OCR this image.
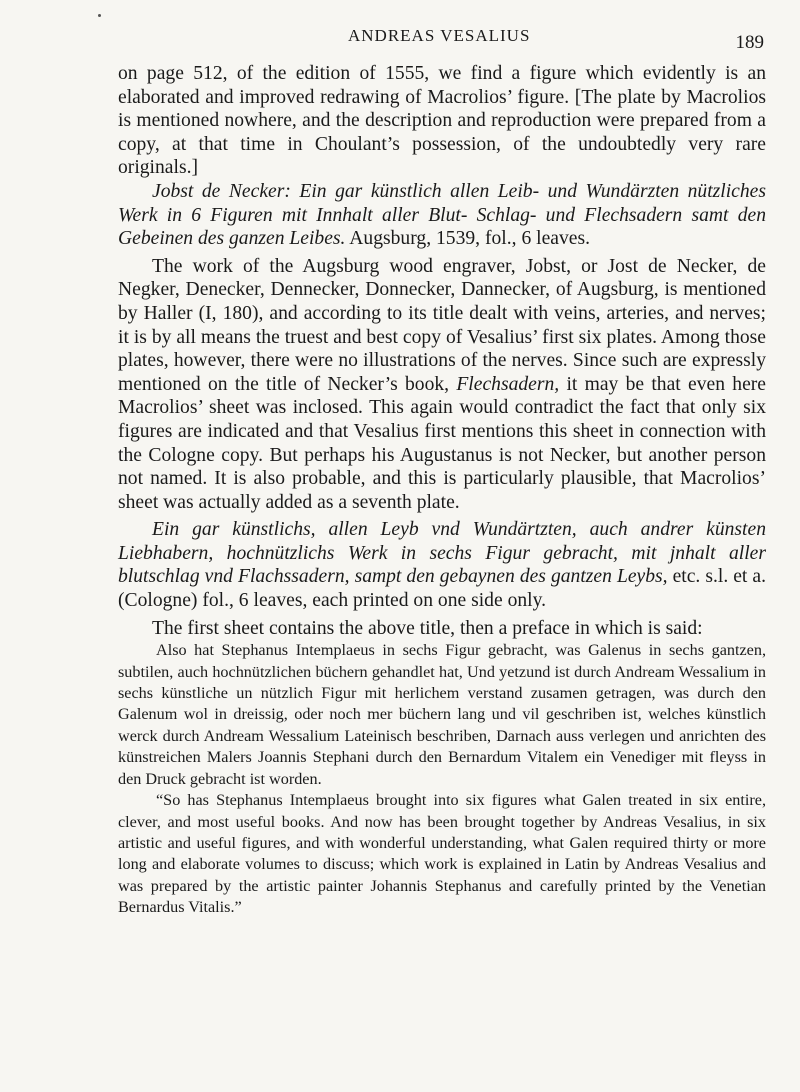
ANDREAS VESALIUS	189

on page 512, of the edition of 1555, we find a figure which evidently is an elaborated and improved redrawing of Macrolios’ figure. [The plate by Macrolios is mentioned nowhere, and the description and reproduction were prepared from a copy, at that time in Choulant’s possession, of the undoubtedly very rare originals.]

Jobst de Necker: Ein gar künstlich allen Leib- und Wundärzten nützliches Werk in 6 Figuren mit Innhalt aller Blut- Schlag- und Flechsadern samt den Gebeinen des ganzen Leibes. Augsburg, 1539, fol., 6 leaves.

The work of the Augsburg wood engraver, Jobst, or Jost de Necker, de Negker, Denecker, Dennecker, Donnecker, Dannecker, of Augsburg, is mentioned by Haller (I, 180), and according to its title dealt with veins, arteries, and nerves; it is by all means the truest and best copy of Vesalius’ first six plates. Among those plates, however, there were no illustrations of the nerves. Since such are expressly mentioned on the title of Necker’s book, Flechsadern, it may be that even here Macrolios’ sheet was inclosed. This again would contradict the fact that only six figures are indicated and that Vesalius first mentions this sheet in connection with the Cologne copy. But perhaps his Augustanus is not Necker, but another person not named. It is also probable, and this is particularly plausible, that Macrolios’ sheet was actually added as a seventh plate.

Ein gar künstlichs, allen Leyb vnd Wundärtzten, auch andrer künsten Liebhabern, hochnützlichs Werk in sechs Figur gebracht, mit jnhalt aller blutschlag vnd Flachssadern, sampt den gebaynen des gantzen Leybs, etc. s.l. et a. (Cologne) fol., 6 leaves, each printed on one side only.

The first sheet contains the above title, then a preface in which is said:

Also hat Stephanus Intemplaeus in sechs Figur gebracht, was Galenus in sechs gantzen, subtilen, auch hochnützlichen büchern gehandlet hat, Und yetzund ist durch Andream Wessalium in sechs künstliche un nützlich Figur mit herlichem verstand zusamen getragen, was durch den Galenum wol in dreissig, oder noch mer büchern lang und vil geschriben ist, welches künstlich werck durch Andream Wessalium Lateinisch beschriben, Darnach auss verlegen und anrichten des künstreichen Malers Joannis Stephani durch den Bernardum Vitalem ein Venediger mit fleyss in den Druck gebracht ist worden.

“So has Stephanus Intemplaeus brought into six figures what Galen treated in six entire, clever, and most useful books. And now has been brought together by Andreas Vesalius, in six artistic and useful figures, and with wonderful understanding, what Galen required thirty or more long and elaborate volumes to discuss; which work is explained in Latin by Andreas Vesalius and was prepared by the artistic painter Johannis Stephanus and carefully printed by the Venetian Bernardus Vitalis.”
